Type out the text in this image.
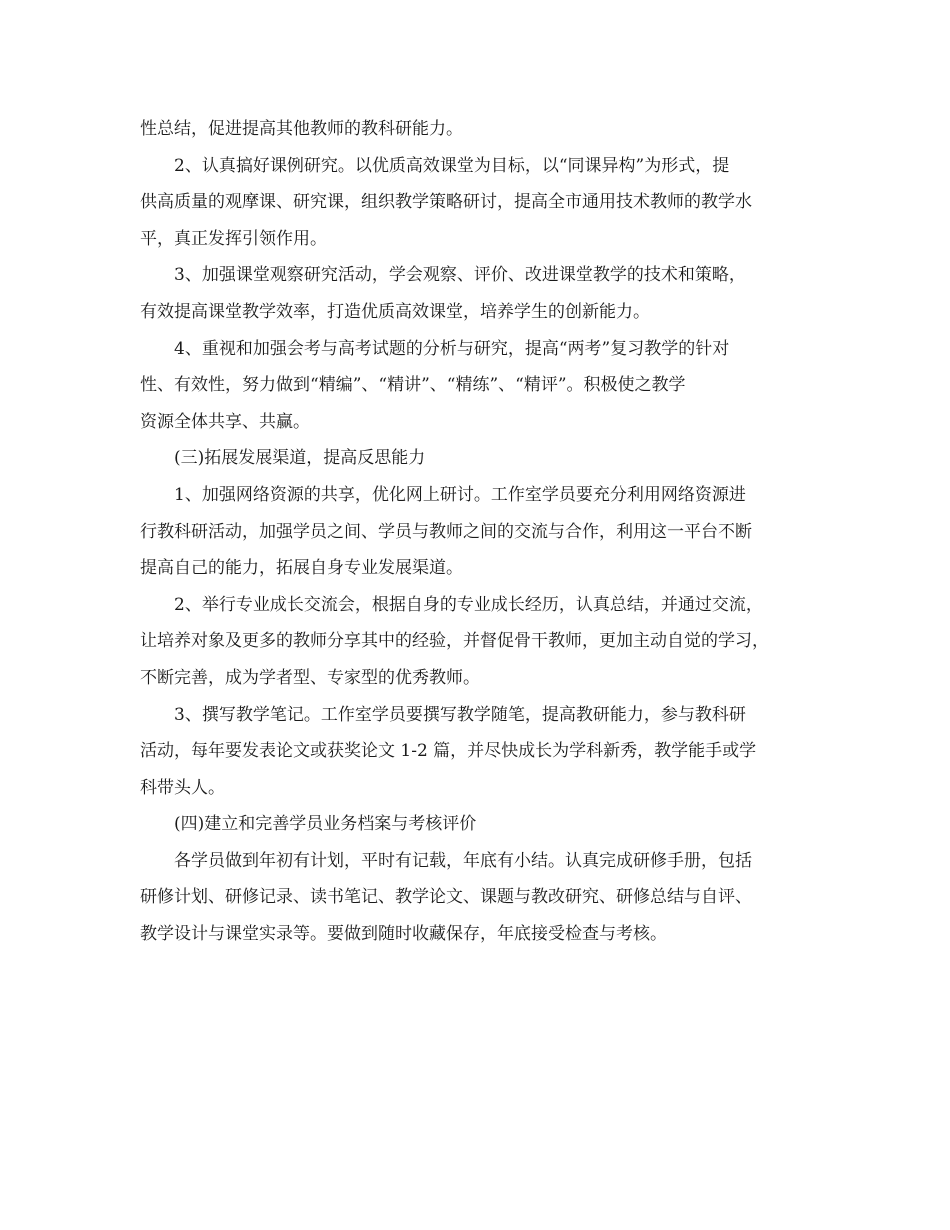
性总结，促进提高其他教师的教科研能力。
2、认真搞好课例研究。以优质高效课堂为目标，以“同课异构”为形式，提
供高质量的观摩课、研究课，组织教学策略研讨，提高全市通用技术教师的教学水
平，真正发挥引领作用。
3、加强课堂观察研究活动，学会观察、评价、改进课堂教学的技术和策略，
有效提高课堂教学效率，打造优质高效课堂，培养学生的创新能力。
4、重视和加强会考与高考试题的分析与研究，提高“两考”复习教学的针对
性、有效性，努力做到“精编”、“精讲”、“精练”、“精评”。积极使之教学
资源全体共享、共赢。
(三)拓展发展渠道，提高反思能力
1、加强网络资源的共享，优化网上研讨。工作室学员要充分利用网络资源进
行教科研活动，加强学员之间、学员与教师之间的交流与合作，利用这一平台不断
提高自己的能力，拓展自身专业发展渠道。
2、举行专业成长交流会，根据自身的专业成长经历，认真总结，并通过交流，
让培养对象及更多的教师分享其中的经验，并督促骨干教师，更加主动自觉的学习，
不断完善，成为学者型、专家型的优秀教师。
3、撰写教学笔记。工作室学员要撰写教学随笔，提高教研能力，参与教科研
活动，每年要发表论文或获奖论文 1-2 篇，并尽快成长为学科新秀，教学能手或学
科带头人。
(四)建立和完善学员业务档案与考核评价
各学员做到年初有计划，平时有记载，年底有小结。认真完成研修手册，包括
研修计划、研修记录、读书笔记、教学论文、课题与教改研究、研修总结与自评、
教学设计与课堂实录等。要做到随时收藏保存，年底接受检查与考核。
